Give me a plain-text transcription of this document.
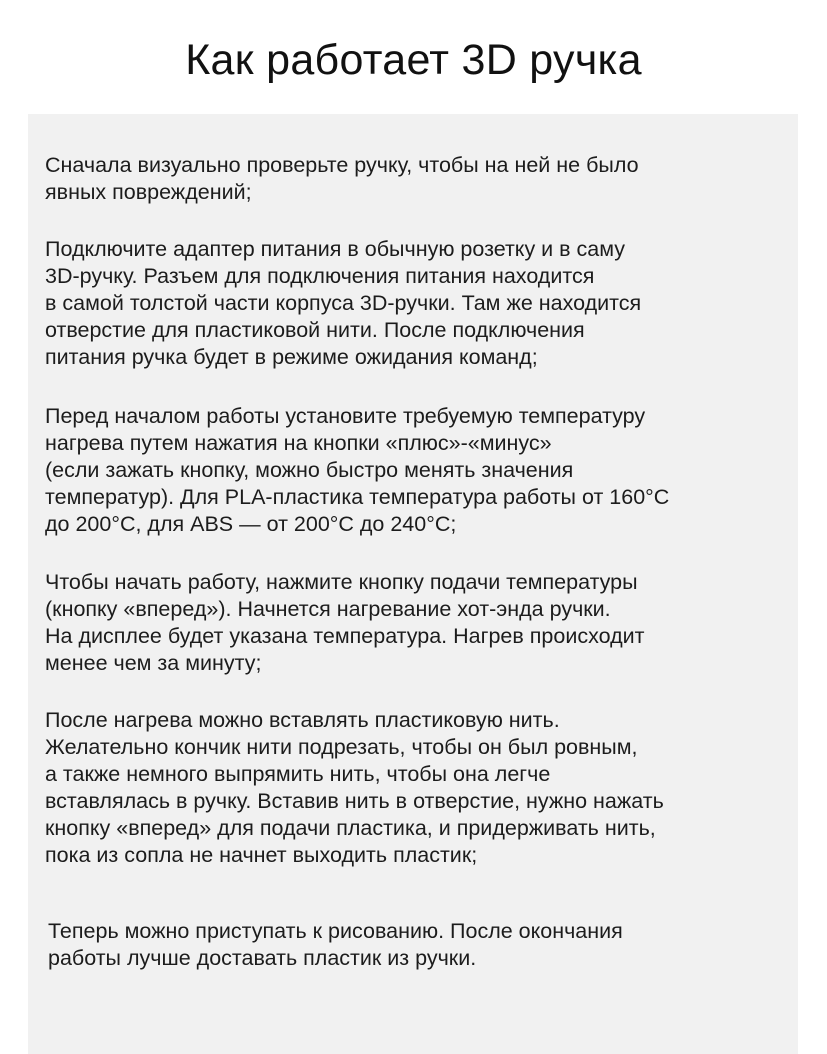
Как работает 3D ручка

Сначала визуально проверьте ручку, чтобы на ней не было
явных повреждений;

Подключите адаптер питания в обычную розетку и в саму
3D-ручку. Разъем для подключения питания находится
в самой толстой части корпуса 3D-ручки. Там же находится
отверстие для пластиковой нити. После подключения
питания ручка будет в режиме ожидания команд;

Перед началом работы установите требуемую температуру
нагрева путем нажатия на кнопки «плюс»-«минус»
(если зажать кнопку, можно быстро менять значения
температур). Для PLA-пластика температура работы от 160°C
до 200°C, для ABS — от 200°C до 240°C;

Чтобы начать работу, нажмите кнопку подачи температуры
(кнопку «вперед»). Начнется нагревание хот-энда ручки.
На дисплее будет указана температура. Нагрев происходит
менее чем за минуту;

После нагрева можно вставлять пластиковую нить.
Желательно кончик нити подрезать, чтобы он был ровным,
а также немного выпрямить нить, чтобы она легче
вставлялась в ручку. Вставив нить в отверстие, нужно нажать
кнопку «вперед» для подачи пластика, и придерживать нить,
пока из сопла не начнет выходить пластик;

Теперь можно приступать к рисованию. После окончания
работы лучше доставать пластик из ручки.
